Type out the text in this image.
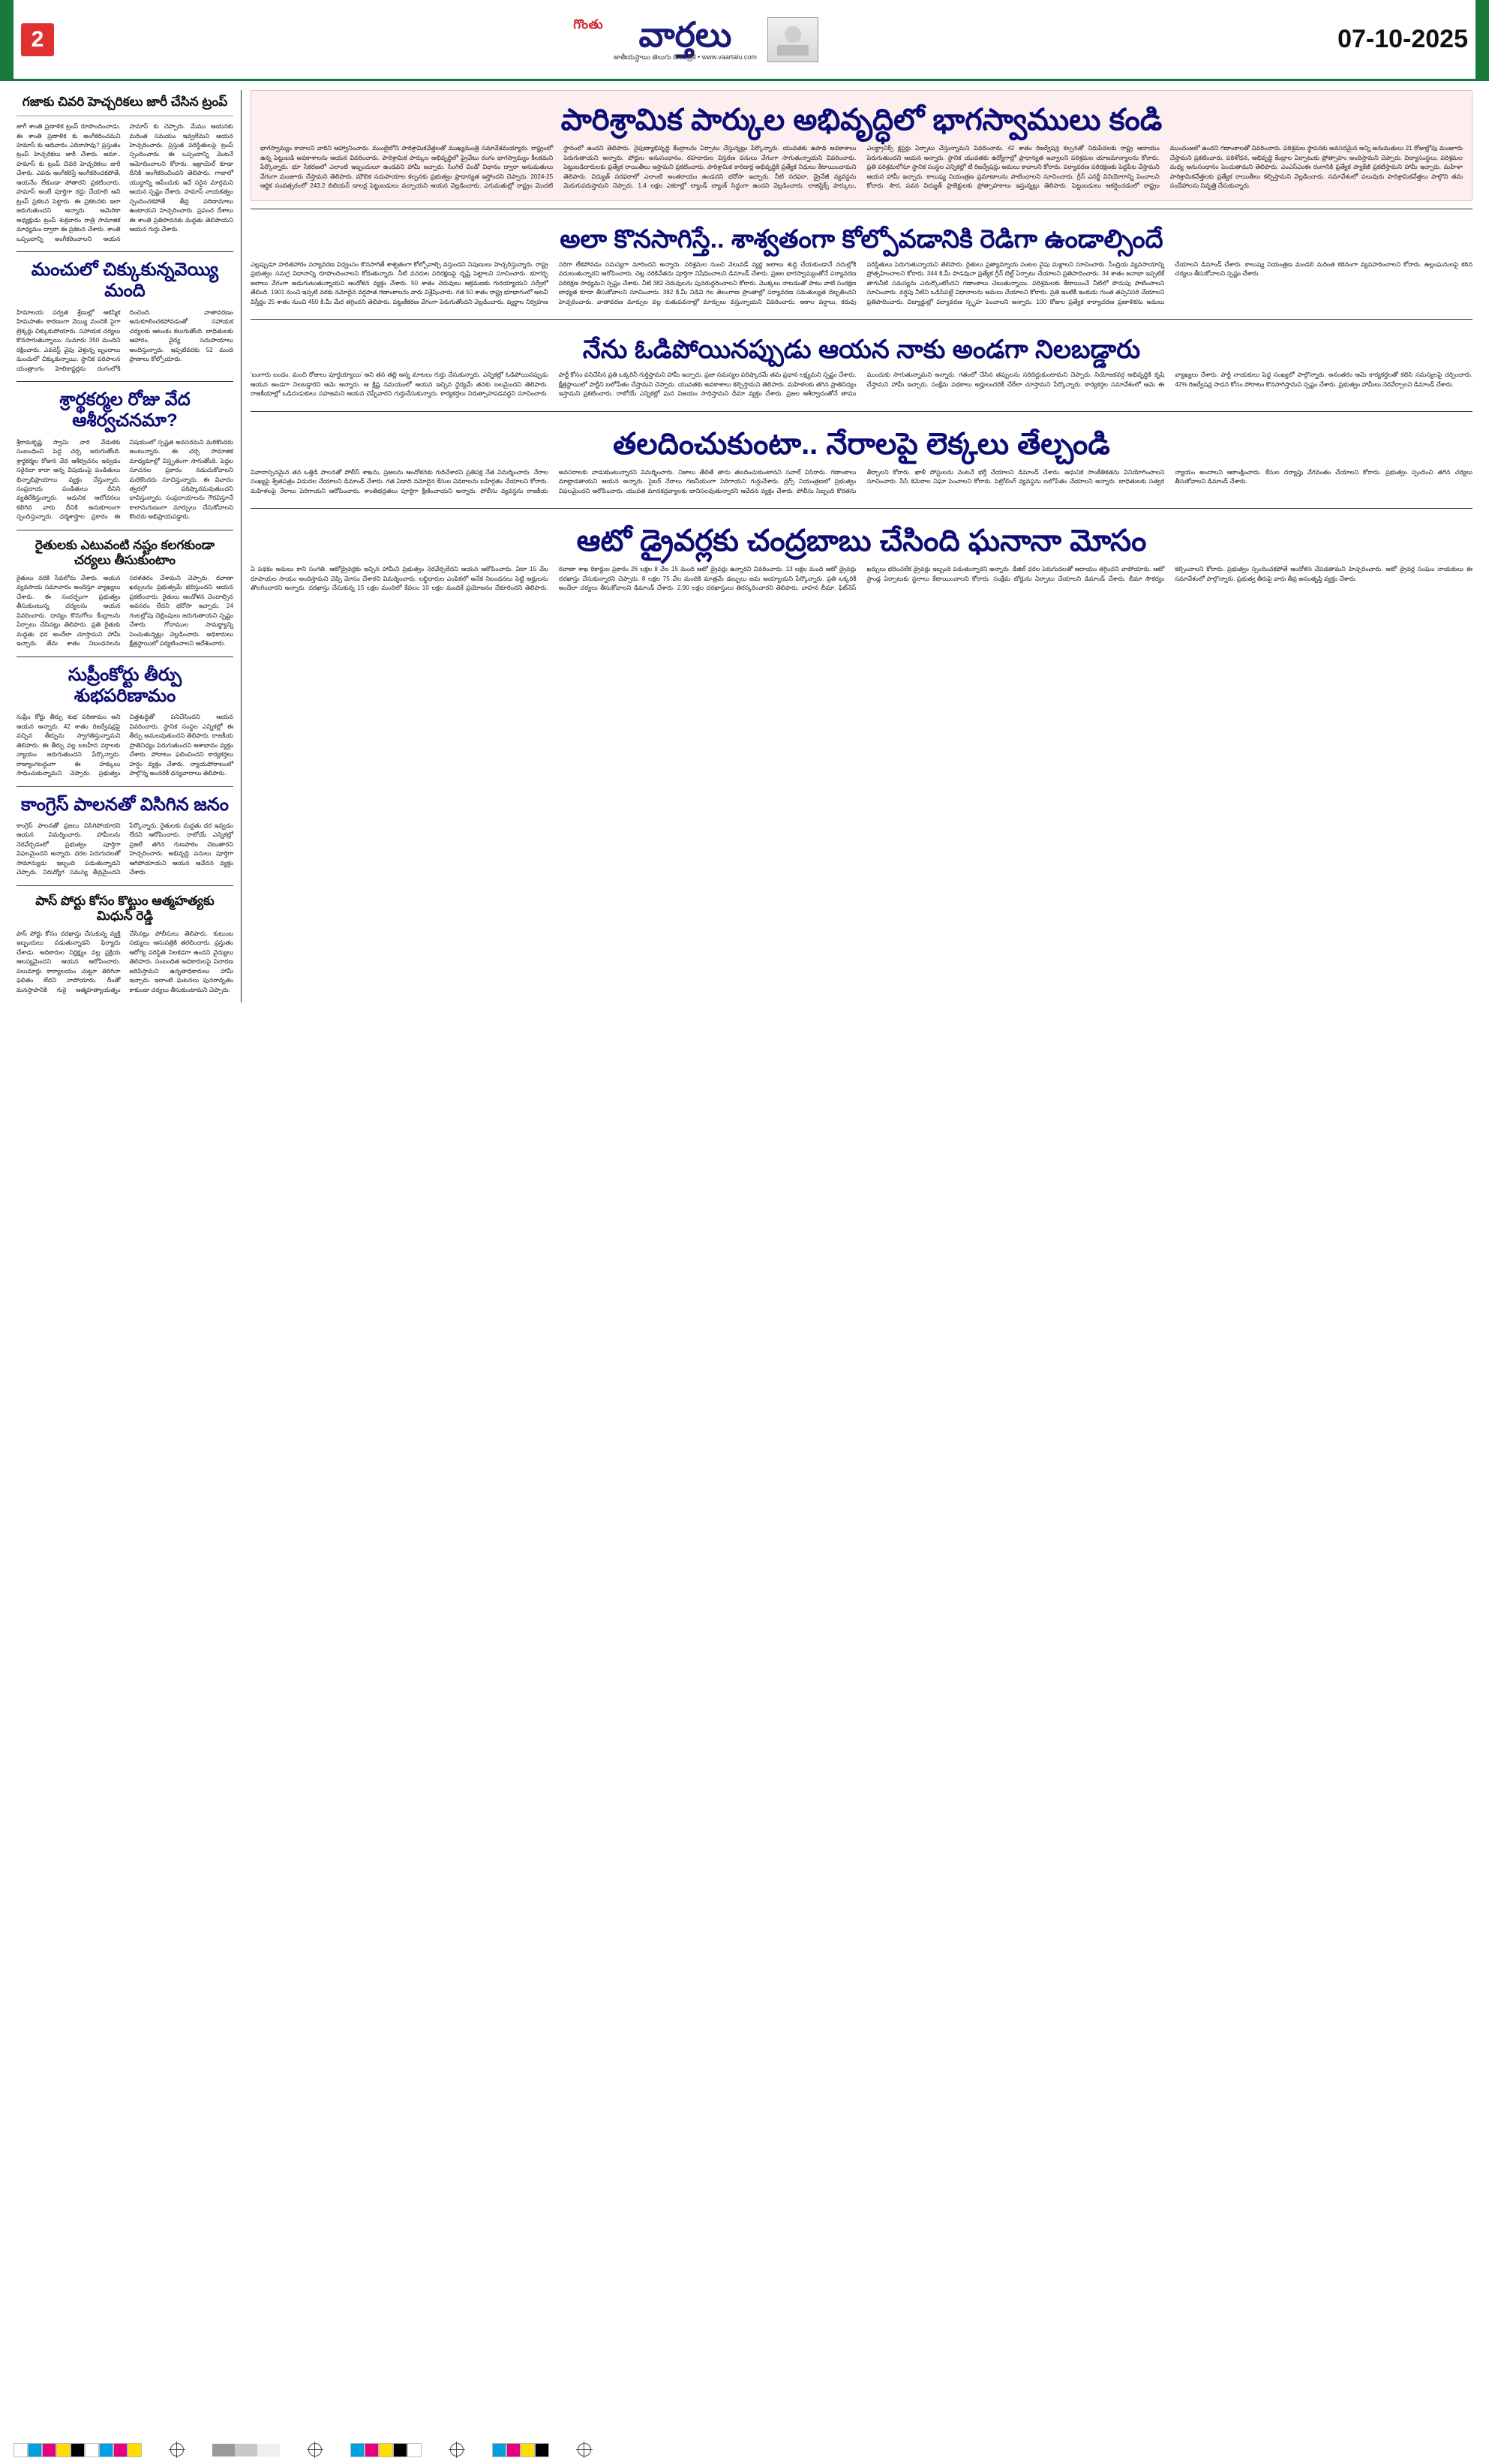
2
గొంతు	వార్తలు
జాతీయస్థాయి తెలుగు దినపత్రిక • www.vaartalu.com
07-10-2025
గజాకు చివరి హెచ్చరికలు జారీ చేసిన ట్రంప్
జాగీ శాంతి ప్రణాళిక ట్రంప్ రూపొందించాడు. ఈ శాంతి ప్రణాళిక కు అంగీకరించమని హమాస్ కు ఆదివారం ఎదిరాసావు? ప్రస్తుతం ట్రంప్ హెచ్చరికలు జారీ చేశారు. అమా.. హమాస్ కు ట్రంప్ చివరి హెచ్చరికలు జారీ చేశారు. ఎవరు అంగీకరిస్తే అంగీకరించకపోతే, ఆయనేం లేకుండా పోతారని ప్రకటించారు. హమాస్ అంటే పూర్తిగా రద్దు చేయాలి అని ట్రంప్ ప్రకటన పెట్టారు. ఈ ప్రకటనకు ఇలా జరుగుతుందని అన్నారు. అమెరికా అధ్యక్షుడు ట్రంప్ శుక్రవారం రాత్రి సామాజిక మాధ్యమం ద్వారా ఈ ప్రకటన చేశారు. శాంతి ఒప్పందాన్ని అంగీకరించాలని ఆయన హమాస్ కు చెప్పారు. మేము ఆయనకు మరింత సమయం ఇవ్వలేమని ఆయన హెచ్చరించారు. ప్రస్తుత పరిస్థితులపై ట్రంప్ స్పందించారు. ఈ ఒప్పందాన్ని వెంటనే ఆమోదించాలని కోరారు. ఇజ్రాయెల్ కూడా దీనికి అంగీకరించిందని తెలిపారు. గాజాలో యుద్ధాన్ని ఆపేందుకు ఇదే సరైన మార్గమని ఆయన స్పష్టం చేశారు. హమాస్ నాయకత్వం స్పందించకపోతే తీవ్ర పరిణామాలు ఉంటాయని హెచ్చరించారు. ప్రపంచ దేశాలు ఈ శాంతి ప్రతిపాదనకు మద్దతు తెలిపాయని ఆయన గుర్తు చేశారు.
మంచులో చిక్కుకున్నవెయ్యి మంది
హిమాలయ పర్వత శ్రేణుల్లో ఆకస్మిక హిమపాతం కారణంగా వెయ్యి మందికి పైగా ట్రెక్కర్లు చిక్కుకుపోయారు. సహాయక చర్యలు కొనసాగుతున్నాయి. సుమారు 350 మందిని రక్షించారు. ఎవరెస్ట్ వైపు వెళ్తున్న బృందాలు మంచులో చిక్కుకున్నాయి. స్థానిక పరిపాలన యంత్రాంగం హెలికాప్టర్లను రంగంలోకి దించింది. వాతావరణం అనుకూలించకపోవడంతో సహాయక చర్యలకు ఆటంకం కలుగుతోంది. బాధితులకు ఆహారం, వైద్య సదుపాయాలు అందిస్తున్నారు. ఇప్పటివరకు 52 మంది ప్రాణాలు కోల్పోయారు.
శ్రార్థకర్మల రోజు వేద ఆశీర్వచనమా?
శ్రీరామకృష్ణ స్వామి వారి వేడుకకు సంబంధించి పెద్ద చర్చ జరుగుతోంది. శ్రార్థకర్మల రోజున వేద ఆశీర్వచనం ఇవ్వడం సరైనదా కాదా అన్న విషయంపై పండితులు భిన్నాభిప్రాయాలు వ్యక్తం చేస్తున్నారు. సంప్రదాయ పండితులు దీనిని వ్యతిరేకిస్తున్నారు. ఆధునిక ఆలోచనలు కలిగిన వారు దీనికి అనుకూలంగా స్పందిస్తున్నారు. ధర్మశాస్త్రాల ప్రకారం ఈ విషయంలో స్పష్టత అవసరమని మరికొందరు అంటున్నారు. ఈ చర్చ సామాజిక మాధ్యమాల్లో విస్తృతంగా సాగుతోంది. పెద్దల సూచనల ప్రకారం నడుచుకోవాలని మరికొందరు సూచిస్తున్నారు. ఈ వివాదం త్వరలో పరిష్కారమవుతుందని భావిస్తున్నారు. సంప్రదాయాలను గౌరవిస్తూనే కాలానుగుణంగా మార్పులు చేసుకోవాలని కొందరు అభిప్రాయపడ్డారు.
రైతులకు ఎటువంటి నష్టం కలగకుండా చర్యలు తీసుకుంటాం
రైతులు వరికి సేవలోను చేశారు. ఆయన వ్యవసాయ సమాచారం అందిస్తూ వ్యాఖ్యలు చేశారు. ఈ సందర్భంగా ప్రభుత్వం తీసుకుంటున్న చర్యలను ఆయన వివరించారు. ధాన్యం కొనుగోలు కేంద్రాలను ఏర్పాటు చేసినట్లు తెలిపారు. ప్రతి రైతుకు మద్దతు ధర అందేలా చూస్తామని హామీ ఇచ్చారు. తేమ శాతం నిబంధనలను సరళతరం చేశామని చెప్పారు. రవాణా ఖర్చులను ప్రభుత్వమే భరిస్తుందని ఆయన ప్రకటించారు. రైతులు ఆందోళన చెందాల్సిన అవసరం లేదని భరోసా ఇచ్చారు. 24 గంటల్లోపు చెల్లింపులు జరుగుతాయని స్పష్టం చేశారు. గోదాముల సామర్థ్యాన్ని పెంచుతున్నట్లు వెల్లడించారు. అధికారులు క్షేత్రస్థాయిలో పర్యటించాలని ఆదేశించారు.
సుప్రీంకోర్టు తీర్పు శుభపరిణామం
సుప్రీం కోర్టు తీర్పు శుభ పరిణామం అని ఆయన అన్నారు. 42 శాతం రిజర్వేషన్లపై వచ్చిన తీర్పును స్వాగతిస్తున్నామని తెలిపారు. ఈ తీర్పు వల్ల బలహీన వర్గాలకు న్యాయం జరుగుతుందని పేర్కొన్నారు. రాజ్యాంగబద్ధంగా ఈ హక్కులు సాధించుకున్నామని చెప్పారు. ప్రభుత్వం చిత్తశుద్ధితో పనిచేసిందని ఆయన వివరించారు. స్థానిక సంస్థల ఎన్నికల్లో ఈ తీర్పు అమలవుతుందని తెలిపారు. రాజకీయ ప్రాతినిధ్యం పెరుగుతుందని ఆశాభావం వ్యక్తం చేశారు. పోరాటం ఫలించిందని కార్యకర్తలు హర్షం వ్యక్తం చేశారు. న్యాయపోరాటంలో పాల్గొన్న అందరికీ ధన్యవాదాలు తెలిపారు.
కాంగ్రెస్ పాలనతో విసిగిన జనం
కాంగ్రెస్ పాలనతో ప్రజలు విసిగిపోయారని ఆయన విమర్శించారు. హామీలను నెరవేర్చడంలో ప్రభుత్వం పూర్తిగా విఫలమైందని అన్నారు. ధరల పెరుగుదలతో సామాన్యుడు ఇబ్బంది పడుతున్నాడని చెప్పారు. నిరుద్యోగ సమస్య తీవ్రమైందని పేర్కొన్నారు. రైతులకు మద్దతు ధర ఇవ్వడం లేదని ఆరోపించారు. రాబోయే ఎన్నికల్లో ప్రజలే తగిన గుణపాఠం చెబుతారని హెచ్చరించారు. అభివృద్ధి పనులు పూర్తిగా ఆగిపోయాయని ఆయన ఆవేదన వ్యక్తం చేశారు.
పాస్ పోర్టు కోసం కొట్టుం ఆత్మహత్యకు మిధున్ రెడ్డి
పాస్ పోర్టు కోసం దరఖాస్తు చేసుకున్న వ్యక్తి ఇబ్బందులు పడుతున్నాడని ఫిర్యాదు చేశాడు. అధికారుల నిర్లక్ష్యం వల్ల ప్రక్రియ ఆలస్యమైందని ఆయన ఆరోపించారు. పలుమార్లు కార్యాలయం చుట్టూ తిరిగినా ఫలితం లేదని వాపోయారు. దీంతో మనస్తాపానికి గురై ఆత్మహత్యాయత్నం చేసినట్లు పోలీసులు తెలిపారు. కుటుంబ సభ్యులు ఆసుపత్రికి తరలించారు. ప్రస్తుతం ఆరోగ్య పరిస్థితి నిలకడగా ఉందని వైద్యులు తెలిపారు. సంబంధిత అధికారులపై విచారణ జరిపిస్తామని ఉన్నతాధికారులు హామీ ఇచ్చారు. ఇలాంటి ఘటనలు పునరావృతం కాకుండా చర్యలు తీసుకుంటామని చెప్పారు.
పారిశ్రామిక పార్కుల అభివృద్ధిలో భాగస్వాములు కండి
భాగస్వామ్యం కావాలని వారిని ఆహ్వానించారు. ముంబైలోని పారిశ్రామికవేత్తలతో ముఖ్యమంత్రి సమావేశమయ్యారు. రాష్ట్రంలో ఉన్న పెట్టుబడి అవకాశాలను ఆయన వివరించారు. పారిశ్రామిక పార్కుల అభివృద్ధిలో ప్రైవేటు రంగం భాగస్వామ్యం కీలకమని పేర్కొన్నారు. భూ సేకరణలో ఎలాంటి ఇబ్బందులూ ఉండవని హామీ ఇచ్చారు. సింగిల్ విండో విధానం ద్వారా అనుమతులు వేగంగా మంజూరు చేస్తామని తెలిపారు. మౌలిక సదుపాయాల కల్పనకు ప్రభుత్వం ప్రాధాన్యత ఇస్తోందని చెప్పారు. 2024-25 ఆర్థిక సంవత్సరంలో 243.2 బిలియన్ డాలర్ల పెట్టుబడులు వచ్చాయని ఆయన వెల్లడించారు. ఎగుమతుల్లో రాష్ట్రం మొదటి స్థానంలో ఉందని తెలిపారు. నైపుణ్యాభివృద్ధి కేంద్రాలను ఏర్పాటు చేస్తున్నట్లు పేర్కొన్నారు. యువతకు ఉపాధి అవకాశాలు పెరుగుతాయని అన్నారు. పోర్టుల అనుసంధానం, రహదారుల విస్తరణ పనులు వేగంగా సాగుతున్నాయని వివరించారు. పెట్టుబడిదారులకు ప్రత్యేక రాయితీలు ఇస్తామని ప్రకటించారు. పారిశ్రామిక కారిడార్ల అభివృద్ధికి ప్రత్యేక నిధులు కేటాయించామని తెలిపారు. విద్యుత్ సరఫరాలో ఎలాంటి అంతరాయం ఉండదని భరోసా ఇచ్చారు. నీటి సరఫరా, డ్రైనేజీ వ్యవస్థను మెరుగుపరుస్తామని చెప్పారు. 1.4 లక్షల ఎకరాల్లో ల్యాండ్ బ్యాంక్ సిద్ధంగా ఉందని వెల్లడించారు. లాజిస్టిక్స్ పార్కులు, ఎలక్ట్రానిక్స్ క్లస్టర్లు ఏర్పాటు చేస్తున్నామని వివరించారు. 42 శాతం రిజర్వేషన్ల కల్పనతో నిరుపేదలకు రాష్ట్ర ఆదాయం పెరుగుతుందని ఆయన అన్నారు. స్థానిక యువతకు ఉద్యోగాల్లో ప్రాధాన్యత ఇవ్వాలని పరిశ్రమల యాజమాన్యాలను కోరారు. ప్రతి పరిశ్రమలోనూ స్థానిక సంస్థల ఎన్నికల్లో టీ రిజర్వేషన్లు అమలు కావాలని కోరారు. పర్యావరణ పరిరక్షణకు పెద్దపీట వేస్తామని ఆయన హామీ ఇచ్చారు. కాలుష్య నియంత్రణ ప్రమాణాలను పాటించాలని సూచించారు. గ్రీన్ ఎనర్జీ వినియోగాన్ని పెంచాలని కోరారు. సౌర, పవన విద్యుత్ ప్రాజెక్టులకు ప్రోత్సాహకాలు ఇస్తున్నట్లు తెలిపారు. పెట్టుబడులు ఆకర్షించడంలో రాష్ట్రం ముందంజలో ఉందని గణాంకాలతో వివరించారు. పరిశ్రమల స్థాపనకు అవసరమైన అన్ని అనుమతులు 21 రోజుల్లోపు మంజూరు చేస్తామని ప్రకటించారు. పరిశోధన, అభివృద్ధి కేంద్రాల ఏర్పాటుకు ప్రోత్సాహం అందిస్తామని చెప్పారు. విద్యాసంస్థలు, పరిశ్రమల మధ్య అనుసంధానం పెంచుతామని తెలిపారు. ఎంఎస్ఎంఈ రంగానికి ప్రత్యేక ప్యాకేజీ ప్రకటిస్తామని హామీ ఇచ్చారు. మహిళా పారిశ్రామికవేత్తలకు ప్రత్యేక రాయితీలు కల్పిస్తామని వెల్లడించారు. సమావేశంలో పలువురు పారిశ్రామికవేత్తలు పాల్గొని తమ సందేహాలను నివృత్తి చేసుకున్నారు.
అలా కొనసాగిస్తే.. శాశ్వతంగా కోల్పోవడానికి రెడిగా ఉండాల్సిందే
ఎల్లప్పుడూ హరితహారం పర్యావరణ విధ్వంసం కొనసాగితే శాశ్వతంగా కోల్పోవాల్సి వస్తుందని నిపుణులు హెచ్చరిస్తున్నారు. రాష్ట్ర ప్రభుత్వం సమగ్ర విధానాన్ని రూపొందించాలని కోరుతున్నారు. నీటి వనరుల పరిరక్షణపై దృష్టి పెట్టాలని సూచించారు. భూగర్భ జలాలు వేగంగా అడుగంటుతున్నాయని ఆందోళన వ్యక్తం చేశారు. 50 శాతం చెరువులు ఆక్రమణకు గురయ్యాయని సర్వేలో తేలింది. 1901 నుంచి ఇప్పటి వరకు నమోదైన వర్షపాత గణాంకాలను వారు విశ్లేషించారు. గత 50 శాతం రాష్ట్ర భూభాగంలో అటవీ విస్తీర్ణం 25 శాతం నుంచి 450 కి.మీ మేర తగ్గిందని తెలిపారు. పట్టణీకరణ వేగంగా పెరుగుతోందని వెల్లడించారు. వ్యర్థాల నిర్వహణ సరిగా లేకపోవడం సమస్యగా మారిందని అన్నారు. పరిశ్రమల నుంచి వెలువడే వ్యర్థ జలాలు శుద్ధి చేయకుండానే నదుల్లోకి వదులుతున్నారని ఆరోపించారు. చెట్ల నరికివేతను పూర్తిగా నిషేధించాలని డిమాండ్ చేశారు. ప్రజల భాగస్వామ్యంతోనే పర్యావరణ పరిరక్షణ సాధ్యమని స్పష్టం చేశారు. నీటి 382 చెరువులను పునరుద్ధరించాలని కోరారు. మొక్కలు నాటడంతో పాటు వాటి సంరక్షణ బాధ్యత కూడా తీసుకోవాలని సూచించారు. 382 కి.మీ నిడివి గల తెలంగాణ ప్రాంతాల్లో పర్యావరణ సమతుల్యత దెబ్బతిందని హెచ్చరించారు. వాతావరణ మార్పుల వల్ల రుతుపవనాల్లో మార్పులు వస్తున్నాయని వివరించారు. అకాల వర్షాలు, కరువు పరిస్థితులు పెరుగుతున్నాయని తెలిపారు. రైతులు ప్రత్యామ్నాయ పంటల వైపు మళ్లాలని సూచించారు. సేంద్రియ వ్యవసాయాన్ని ప్రోత్సహించాలని కోరారు. 344 కి.మీ పొడవునా ప్రత్యేక గ్రీన్ బెల్ట్ ఏర్పాటు చేయాలని ప్రతిపాదించారు. 34 శాతం జనాభా ఇప్పటికే తాగునీటి సమస్యను ఎదుర్కొంటోందని గణాంకాలు చెబుతున్నాయి. పరిశ్రమలకు కేటాయించే నీటిలో పొదుపు పాటించాలని సూచించారు. వర్షపు నీటిని ఒడిసిపట్టే విధానాలను అమలు చేయాలని కోరారు. ప్రతి ఇంటికీ ఇంకుడు గుంత తప్పనిసరి చేయాలని ప్రతిపాదించారు. విద్యార్థుల్లో పర్యావరణ స్పృహ పెంచాలని అన్నారు. 100 రోజుల ప్రత్యేక కార్యాచరణ ప్రణాళికను అమలు చేయాలని డిమాండ్ చేశారు. కాలుష్య నియంత్రణ మండలి మరింత కఠినంగా వ్యవహరించాలని కోరారు. ఉల్లంఘనులపై కఠిన చర్యలు తీసుకోవాలని స్పష్టం చేశారు.
నేను ఓడిపోయినప్పుడు ఆయన నాకు అండగా నిలబడ్డారు
'బంగారు బంధం. మంచి రోజులు పూర్తయ్యాయి' అని తన తల్లి అన్న మాటలు గుర్తు చేసుకున్నారు. ఎన్నికల్లో ఓడిపోయినప్పుడు ఆయన అండగా నిలబడ్డారని ఆమె అన్నారు. ఆ క్లిష్ట సమయంలో ఆయన ఇచ్చిన ధైర్యమే తనకు బలమైందని తెలిపారు. రాజకీయాల్లో ఒడిదుడుకులు సహజమని ఆయన చెప్పేవారని గుర్తుచేసుకున్నారు. కార్యకర్తలు నిరుత్సాహపడవద్దని సూచించారు. పార్టీ కోసం పనిచేసిన ప్రతి ఒక్కరినీ గుర్తిస్తామని హామీ ఇచ్చారు. ప్రజా సమస్యల పరిష్కారమే తమ ప్రధాన లక్ష్యమని స్పష్టం చేశారు. క్షేత్రస్థాయిలో పార్టీని బలోపేతం చేస్తామని చెప్పారు. యువతకు అవకాశాలు కల్పిస్తామని తెలిపారు. మహిళలకు తగిన ప్రాతినిధ్యం ఇస్తామని ప్రకటించారు. రాబోయే ఎన్నికల్లో ఘన విజయం సాధిస్తామని ధీమా వ్యక్తం చేశారు. ప్రజల ఆశీర్వాదంతోనే తాము ముందుకు సాగుతున్నామని అన్నారు. గతంలో చేసిన తప్పులను సరిదిద్దుకుంటామని చెప్పారు. నియోజకవర్గ అభివృద్ధికి కృషి చేస్తామని హామీ ఇచ్చారు. సంక్షేమ పథకాలు అర్హులందరికీ చేరేలా చూస్తామని పేర్కొన్నారు. కార్యకర్తల సమావేశంలో ఆమె ఈ వ్యాఖ్యలు చేశారు. పార్టీ నాయకులు పెద్ద సంఖ్యలో పాల్గొన్నారు. అనంతరం ఆమె కార్యకర్తలతో కలిసి సమస్యలపై చర్చించారు. 42% రిజర్వేషన్ల సాధన కోసం పోరాటం కొనసాగిస్తామని స్పష్టం చేశారు. ప్రభుత్వం హామీలు నెరవేర్చాలని డిమాండ్ చేశారు.
తలదించుకుంటా.. నేరాలపై లెక్కలు తేల్చండి
వివాదాస్పదమైన తన ఒత్తిడి పాలనతో పోలీస్ శాఖను, ప్రజలను ఆందోళనకు గురిచేశారని ప్రతిపక్ష నేత విమర్శించారు. నేరాల సంఖ్యపై శ్వేతపత్రం విడుదల చేయాలని డిమాండ్ చేశారు. గత ఏడాది నమోదైన కేసుల వివరాలను బహిర్గతం చేయాలని కోరారు. మహిళలపై నేరాలు పెరిగాయని ఆరోపించారు. శాంతిభద్రతలు పూర్తిగా క్షీణించాయని అన్నారు. పోలీసు వ్యవస్థను రాజకీయ అవసరాలకు వాడుకుంటున్నారని విమర్శించారు. నిజాలు తేలితే తాను తలదించుకుంటానని సవాల్ విసిరారు. గణాంకాలు మాట్లాడతాయని ఆయన అన్నారు. సైబర్ నేరాలు గణనీయంగా పెరిగాయని గుర్తుచేశారు. డ్రగ్స్ నియంత్రణలో ప్రభుత్వం విఫలమైందని ఆరోపించారు. యువత మాదకద్రవ్యాలకు బానిసలవుతున్నారని ఆవేదన వ్యక్తం చేశారు. పోలీసు సిబ్బంది కొరతను తీర్చాలని కోరారు. ఖాళీ పోస్టులను వెంటనే భర్తీ చేయాలని డిమాండ్ చేశారు. ఆధునిక సాంకేతికతను వినియోగించాలని సూచించారు. సీసీ కెమెరాల నిఘా పెంచాలని కోరారు. పెట్రోలింగ్ వ్యవస్థను బలోపేతం చేయాలని అన్నారు. బాధితులకు సత్వర న్యాయం అందాలని ఆకాంక్షించారు. కేసుల దర్యాప్తు వేగవంతం చేయాలని కోరారు. ప్రభుత్వం స్పందించి తగిన చర్యలు తీసుకోవాలని డిమాండ్ చేశారు.
ఆటో డ్రైవర్లకు చంద్రబాబు చేసింది ఘనానా మోసం
ఏ పథకం అమలు కాని సంగతి. ఆటోడ్రైవర్లకు ఇచ్చిన హామీని ప్రభుత్వం నెరవేర్చలేదని ఆయన ఆరోపించారు. ఏటా 15 వేల రూపాయల సాయం అందిస్తామని చెప్పి మోసం చేశారని విమర్శించారు. లబ్ధిదారుల ఎంపికలో అనేక నిబంధనలు పెట్టి అర్హులను తొలగించారని అన్నారు. దరఖాస్తు చేసుకున్న 15 లక్షల మందిలో కేవలం 10 లక్షల మందికే ప్రయోజనం చేకూరిందని తెలిపారు. రవాణా శాఖ రికార్డుల ప్రకారం 26 లక్షల 8 వేల 15 మంది ఆటో డ్రైవర్లు ఉన్నారని వివరించారు. 13 లక్షల మంది ఆటో డ్రైవర్లు దరఖాస్తు చేసుకున్నారని చెప్పారు. 8 లక్షల 75 వేల మందికి మాత్రమే డబ్బులు జమ అయ్యాయని పేర్కొన్నారు. ప్రతి ఒక్కరికీ అందేలా చర్యలు తీసుకోవాలని డిమాండ్ చేశారు. 2.90 లక్షల దరఖాస్తులు తిరస్కరించారని తెలిపారు. వాహన బీమా, ఫిట్‌నెస్ ఖర్చులు భరించలేక డ్రైవర్లు ఇబ్బంది పడుతున్నారని అన్నారు. డీజిల్ ధరల పెరుగుదలతో ఆదాయం తగ్గిందని వాపోయారు. ఆటో స్టాండ్ల ఏర్పాటుకు స్థలాలు కేటాయించాలని కోరారు. సంక్షేమ బోర్డును ఏర్పాటు చేయాలని డిమాండ్ చేశారు. బీమా సౌకర్యం కల్పించాలని కోరారు. ప్రభుత్వం స్పందించకపోతే ఆందోళన చేపడతామని హెచ్చరించారు. ఆటో డ్రైవర్ల సంఘం నాయకులు ఈ సమావేశంలో పాల్గొన్నారు. ప్రభుత్వ తీరుపై వారు తీవ్ర అసంతృప్తి వ్యక్తం చేశారు.
